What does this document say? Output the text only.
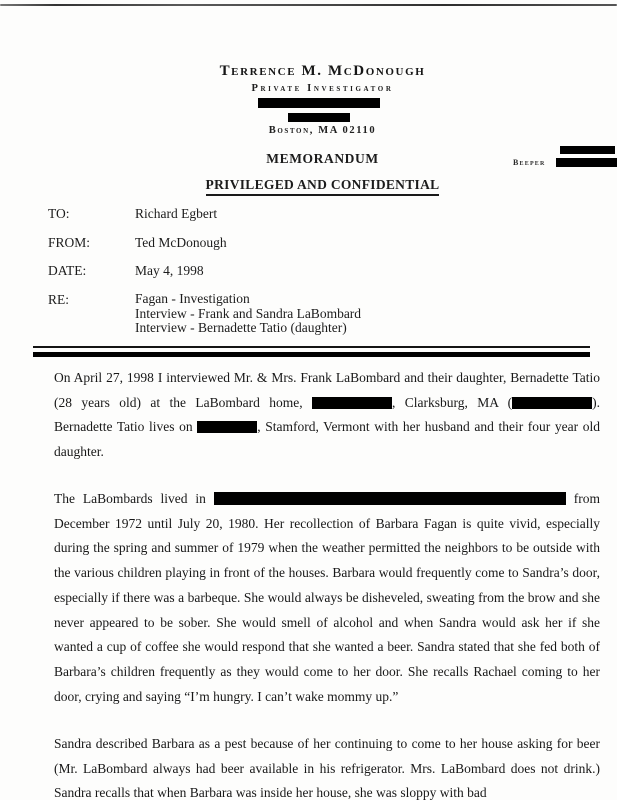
Terrence M. McDonough
Private Investigator
Boston, MA 02110
MEMORANDUM	Beeper
PRIVILEGED AND CONFIDENTIAL
TO:	Richard Egbert
FROM:	Ted McDonough
DATE:	May 4, 1998
RE:	Fagan - Investigation
Interview - Frank and Sandra LaBombard
Interview - Bernadette Tatio (daughter)
On April 27, 1998 I interviewed Mr. & Mrs. Frank LaBombard and their daughter, Bernadette Tatio (28 years old) at the LaBombard home,	, Clarksburg, MA (	). Bernadette Tatio lives on	, Stamford, Vermont with her husband and their four year old daughter.
The LaBombards lived in	from December 1972 until July 20, 1980. Her recollection of Barbara Fagan is quite vivid, especially during the spring and summer of 1979 when the weather permitted the neighbors to be outside with the various children playing in front of the houses. Barbara would frequently come to Sandra’s door, especially if there was a barbeque. She would always be disheveled, sweating from the brow and she never appeared to be sober. She would smell of alcohol and when Sandra would ask her if she wanted a cup of coffee she would respond that she wanted a beer. Sandra stated that she fed both of Barbara’s children frequently as they would come to her door. She recalls Rachael coming to her door, crying and saying “I’m hungry. I can’t wake mommy up.”
Sandra described Barbara as a pest because of her continuing to come to her house asking for beer (Mr. LaBombard always had beer available in his refrigerator. Mrs. LaBombard does not drink.) Sandra recalls that when Barbara was inside her house, she was sloppy with bad
